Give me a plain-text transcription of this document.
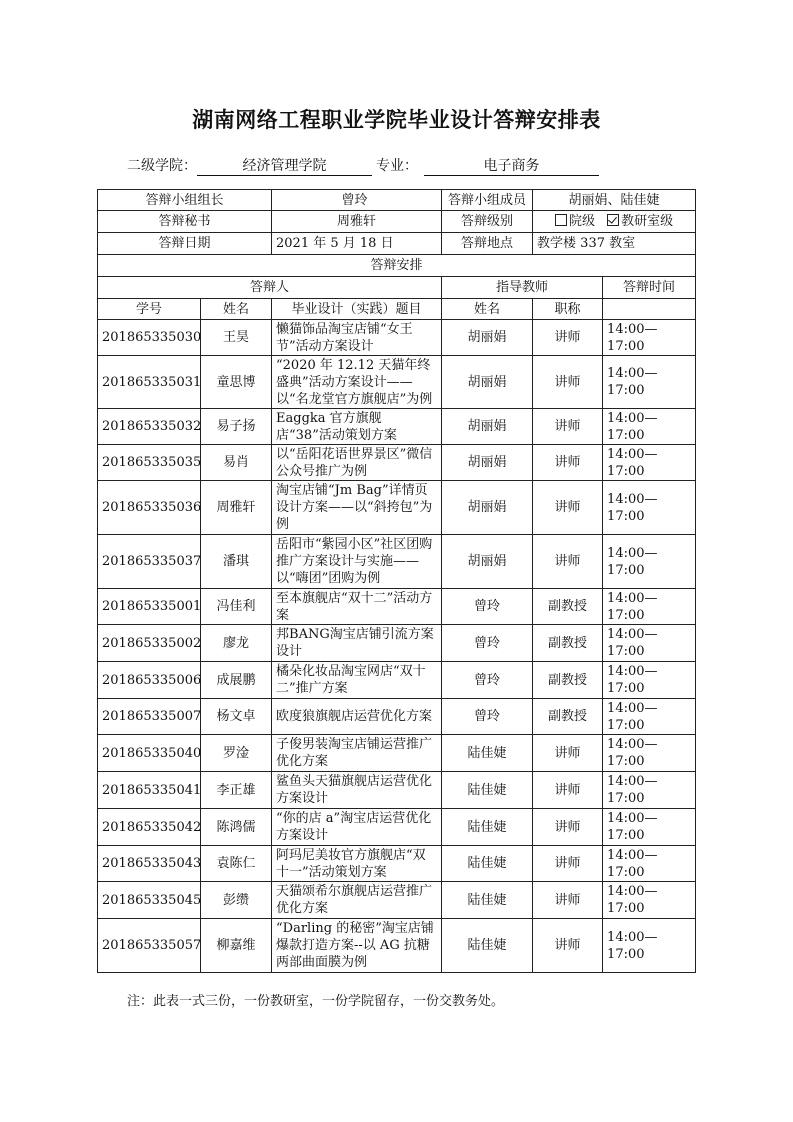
湖南网络工程职业学院毕业设计答辩安排表
二级学院：	经济管理学院	专业：	电子商务
答辩小组组长		曾玲	答辩小组成员	胡丽娟、陆佳婕	
答辩秘书		周雅轩	答辩级别	院级 教研室级	
答辩日期		2021 年 5 月 18 日	答辩地点	教学楼 337 教室	
答辩安排					
答辩人			指导教师		答辩时间
学号	姓名	毕业设计（实践）题目	姓名	职称	
201865335030	王昊	懒猫饰品淘宝店铺“女王节”活动方案设计	胡丽娟	讲师	14:00—
17:00

201865335031	童思博	“2020 年 12.12 天猫年终盛典”活动方案设计——以“名龙堂官方旗舰店”为例	胡丽娟	讲师	14:00—
17:00

201865335032	易子扬	Eaggka 官方旗舰店“38”活动策划方案	胡丽娟	讲师	14:00—
17:00

201865335035	易肖	以“岳阳花语世界景区”微信公众号推广为例	胡丽娟	讲师	14:00—
17:00

201865335036	周雅轩	淘宝店铺“Jm Bag”详情页设计方案——以“斜挎包”为例	胡丽娟	讲师	14:00—
17:00

201865335037	潘琪	岳阳市“紫园小区”社区团购推广方案设计与实施——以“嗨团”团购为例	胡丽娟	讲师	14:00—
17:00

201865335001	冯佳利	至本旗舰店“双十二”活动方案	曾玲	副教授	14:00—
17:00

201865335002	廖龙	邦BANG淘宝店铺引流方案设计	曾玲	副教授	14:00—
17:00

201865335006	成展鹏	橘朵化妆品淘宝网店“双十二”推广方案	曾玲	副教授	14:00—
17:00

201865335007	杨文卓	欧度狼旗舰店运营优化方案	曾玲	副教授	14:00—
17:00

201865335040	罗淦	子俊男装淘宝店铺运营推广优化方案	陆佳婕	讲师	14:00—
17:00

201865335041	李正雄	鲨鱼头天猫旗舰店运营优化方案设计	陆佳婕	讲师	14:00—
17:00

201865335042	陈鸿儒	“你的店 a”淘宝店运营优化方案设计	陆佳婕	讲师	14:00—
17:00

201865335043	袁陈仁	阿玛尼美妆官方旗舰店“双十一”活动策划方案	陆佳婕	讲师	14:00—
17:00

201865335045	彭缵	天猫颂希尔旗舰店运营推广优化方案	陆佳婕	讲师	14:00—
17:00

201865335057	柳嘉维	“Darling 的秘密”淘宝店铺爆款打造方案--以 AG 抗糖两部曲面膜为例	陆佳婕	讲师	14:00—
17:00
注：此表一式三份，一份教研室，一份学院留存，一份交教务处。
